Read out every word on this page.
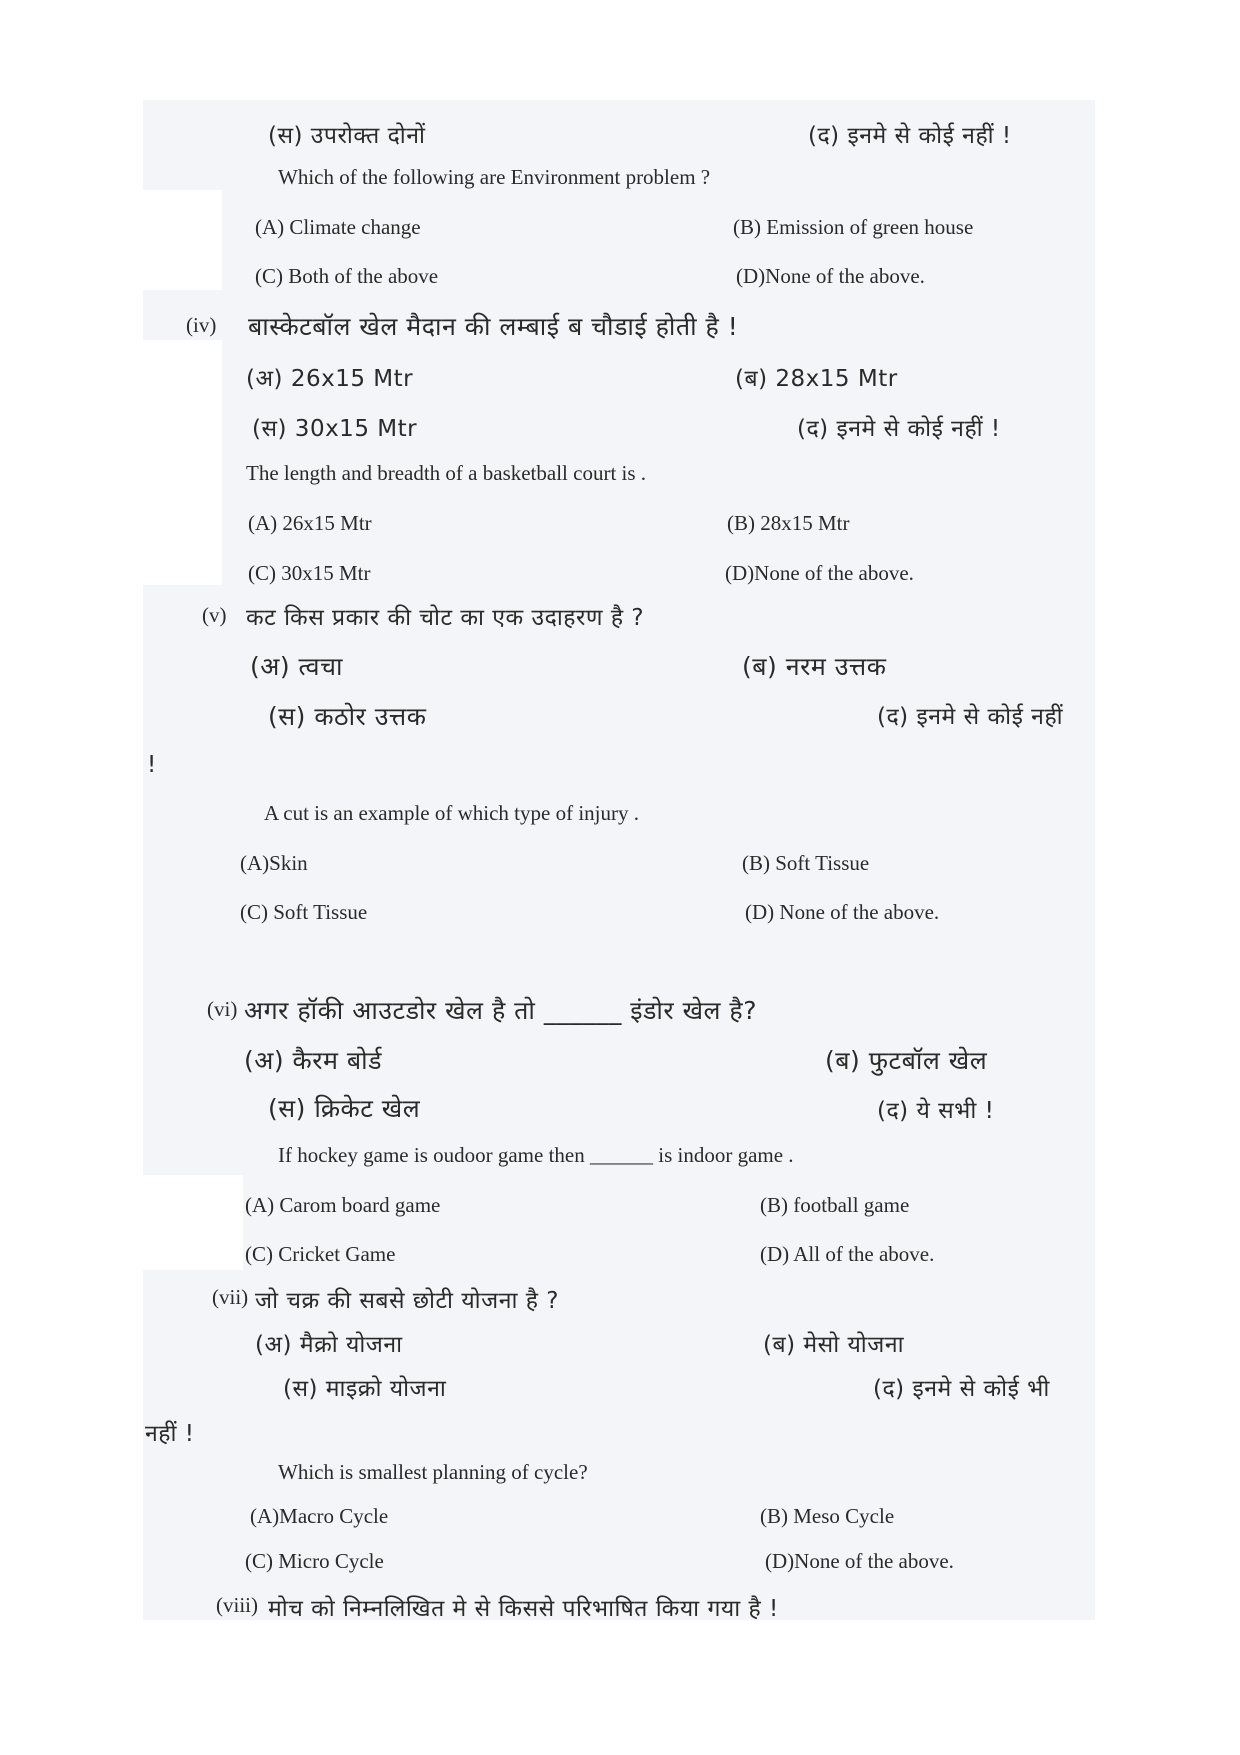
(स) उपरोक्त दोनों	(द) इनमे से कोई नहीं !
Which of the following are Environment problem ?
(A) Climate change	(B) Emission of green house
(C) Both of the above	(D)None of the above.
(iv) बास्केटबॉल खेल मैदान की लम्बाई ब चौडाई होती है !
(अ) 26x15 Mtr	(ब) 28x15 Mtr
(स) 30x15 Mtr	(द) इनमे से कोई नहीं !
The length and breadth of a basketball court is .
(A) 26x15 Mtr	(B) 28x15 Mtr
(C) 30x15 Mtr	(D)None of the above.
(v) कट किस प्रकार की चोट का एक उदाहरण है ?
(अ) त्वचा	(ब) नरम उत्तक
(स) कठोर उत्तक	(द) इनमे से कोई नहीं
!
A cut is an example of which type of injury .
(A)Skin	(B) Soft Tissue
(C) Soft Tissue	(D) None of the above.
(vi) अगर हॉकी आउटडोर खेल है तो ______ इंडोर खेल है?
(अ) कैरम बोर्ड	(ब) फुटबॉल खेल
(स) क्रिकेट खेल	(द) ये सभी !
If hockey game is oudoor game then ______ is indoor game .
(A) Carom board game	(B) football game
(C) Cricket Game	(D) All of the above.
(vii) जो चक्र की सबसे छोटी योजना है ?
(अ) मैक्रो योजना	(ब) मेसो योजना
(स) माइक्रो योजना	(द) इनमे से कोई भी
नहीं !
Which is smallest planning of cycle?
(A)Macro Cycle	(B) Meso Cycle
(C) Micro Cycle	(D)None of the above.
(viii) मोच को निम्नलिखित मे से किससे परिभाषित किया गया है !
